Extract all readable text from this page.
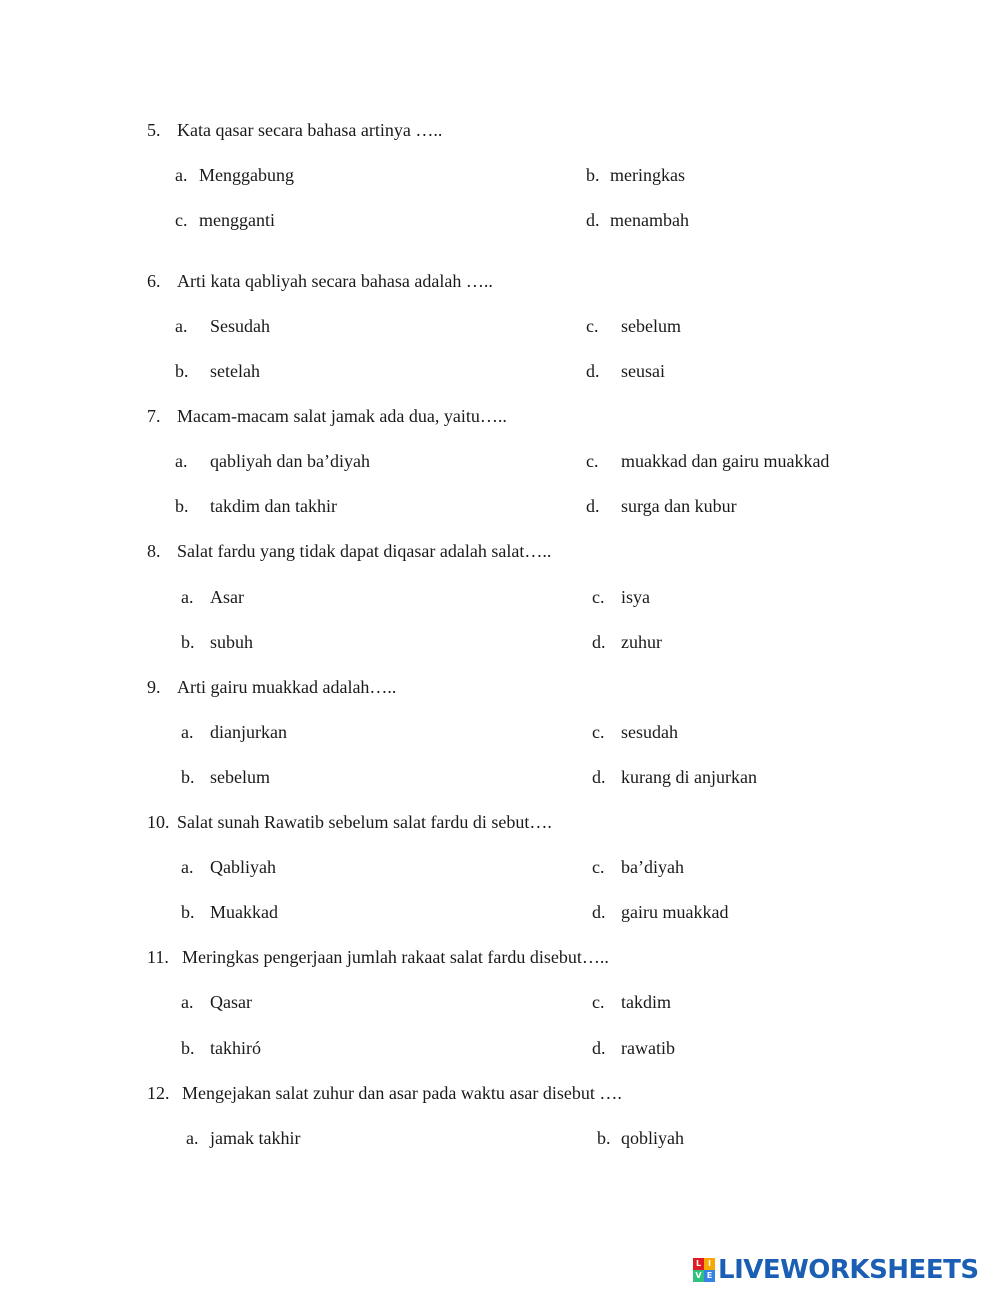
5. Kata qasar secara bahasa artinya …..
a. Menggabung	b. meringkas
c. mengganti	d. menambah
6. Arti kata qabliyah secara bahasa adalah …..
a. Sesudah	c. sebelum
b. setelah	d. seusai
7. Macam-macam salat jamak ada dua, yaitu…..
a. qabliyah dan ba’diyah	c. muakkad dan gairu muakkad
b. takdim dan takhir	d. surga dan kubur
8. Salat fardu yang tidak dapat diqasar adalah salat…..
a. Asar	c. isya
b. subuh	d. zuhur
9. Arti gairu muakkad adalah…..
a. dianjurkan	c. sesudah
b. sebelum	d. kurang di anjurkan
10. Salat sunah Rawatib sebelum salat fardu di sebut….
a. Qabliyah	c. ba’diyah
b. Muakkad	d. gairu muakkad
11. Meringkas pengerjaan jumlah rakaat salat fardu disebut…..
a. Qasar	c. takdim
b. takhiró	d. rawatib
12. Mengejakan salat zuhur dan asar pada waktu asar disebut ….
a. jamak takhir	b. qobliyah
L I
V E LIVEWORKSHEETS
